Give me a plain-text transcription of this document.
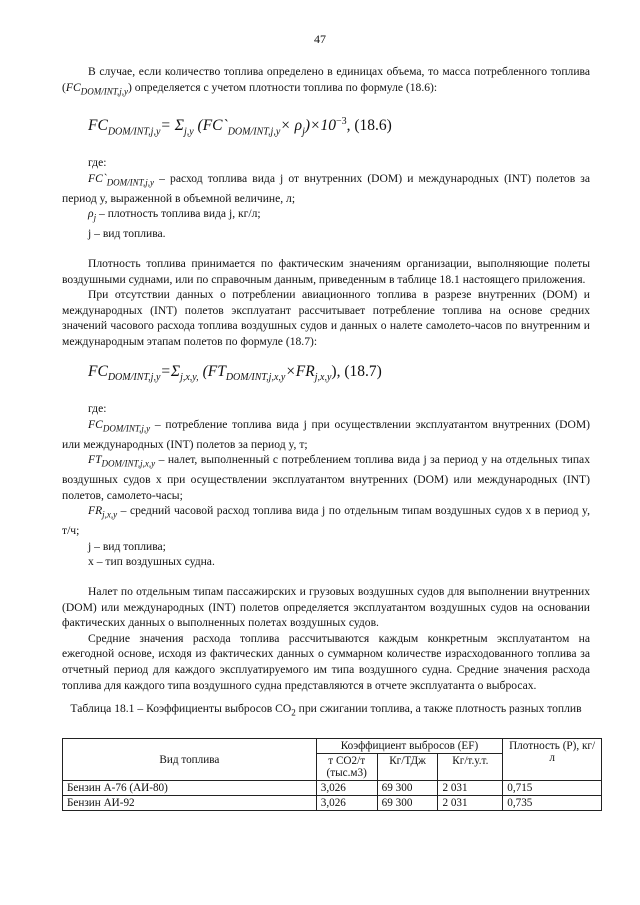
47

В случае, если количество топлива определено в единицах объема, то масса потребленного топлива $(FC_{DOM/INT,j,y})$ определяется с учетом плотности топлива по формуле (18.6):

$FC_{DOM/INT,j,y}= \Sigma_{j,y}$ $(FC`_{DOM/INT,j,y}\times \rho_j)\times 10^{-3}$, (18.6)

где:

$FC`_{DOM/INT,j,y}$ – расход топлива вида j от внутренних (DOM) и международных (INT) полетов за период y, выраженной в объемной величине, л;

$\rho_j$ – плотность топлива вида j, кг/л;

j – вид топлива.

Плотность топлива принимается по фактическим значениям организации, выполняющие полеты воздушными суднами, или по справочным данным, приведенным в таблице 18.1 настоящего приложения.

При отсутствии данных о потреблении авиационного топлива в разрезе внутренних (DOM) и международных (INT) полетов эксплуатант рассчитывает потребление топлива на основе средних значений часового расхода топлива воздушных судов и данных о налете самолето-часов по внутренним и международным этапам полетов по формуле (18.7):

$FC_{DOM/INT,j,y}=\Sigma_{j,x,y,}$ $(FT_{DOM/INT,j,x,y}\times FR_{j,x,y})$, (18.7)

где:

$FC_{DOM/INT,j,y}$ – потребление топлива вида j при осуществлении эксплуатантом внутренних (DOM) или международных (INT) полетов за период y, т;

$FT_{DOM/INT,j,x,y}$ – налет, выполненный с потреблением топлива вида j за период y на отдельных типах воздушных судов x при осуществлении эксплуатантом внутренних (DOM) или международных (INT) полетов, самолето-часы;

$FR_{j,x,y}$ – средний часовой расход топлива вида j по отдельным типам воздушных судов x в период y, т/ч;

j – вид топлива;

x – тип воздушных судна.

Налет по отдельным типам пассажирских и грузовых воздушных судов для выполнении внутренних (DOM) или международных (INT) полетов определяется эксплуатантом воздушных судов на основании фактических данных о выполненных полетах воздушных судов.

Средние значения расхода топлива рассчитываются каждым конкретным эксплуатантом на ежегодной основе, исходя из фактических данных о суммарном количестве израсходованного топлива за отчетный период для каждого эксплуатируемого им типа воздушного судна. Средние значения расхода топлива для каждого типа воздушного судна представляются в отчете эксплуатанта о выбросах.

Таблица 18.1 – Коэффициенты выбросов $CO_2$ при сжигании топлива, а также плотность разных топлив

Вид топлива	Коэффициент выбросов (EF)			Плотность (P), кг/л
	т CO2/т (тыс.м3)	Кг/ТДж	Кг/т.у.т.	
Бензин А-76 (АИ-80)	3,026	69 300	2 031	0,715
Бензин АИ-92	3,026	69 300	2 031	0,735
